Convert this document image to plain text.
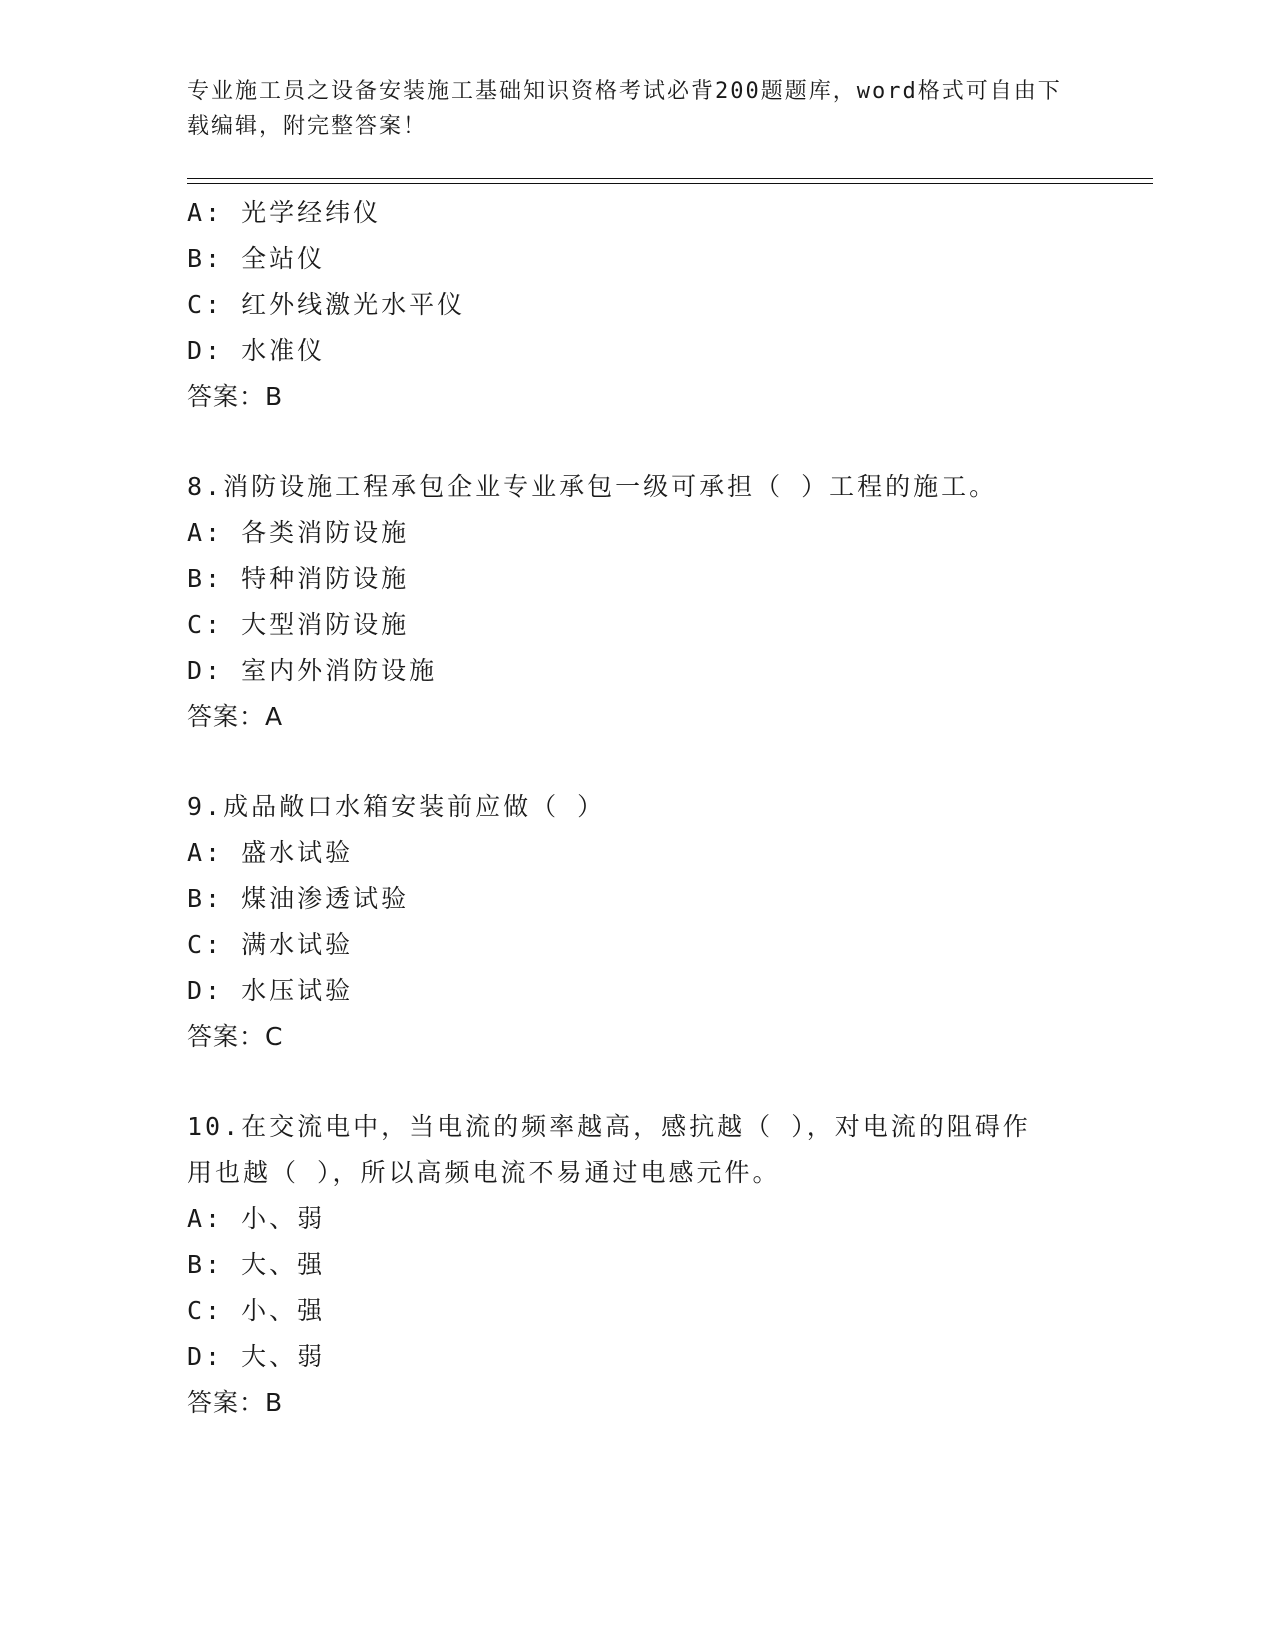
专业施工员之设备安装施工基础知识资格考试必背200题题库，word格式可自由下载编辑，附完整答案！
A: 光学经纬仪
B: 全站仪
C: 红外线激光水平仪
D: 水准仪
答案：B
8.消防设施工程承包企业专业承包一级可承担（ ）工程的施工。
A: 各类消防设施
B: 特种消防设施
C: 大型消防设施
D: 室内外消防设施
答案：A
9.成品敞口水箱安装前应做（ ）
A: 盛水试验
B: 煤油渗透试验
C: 满水试验
D: 水压试验
答案：C
10.在交流电中，当电流的频率越高，感抗越（ ），对电流的阻碍作用也越（ ），所以高频电流不易通过电感元件。
A: 小、弱
B: 大、强
C: 小、强
D: 大、弱
答案：B
